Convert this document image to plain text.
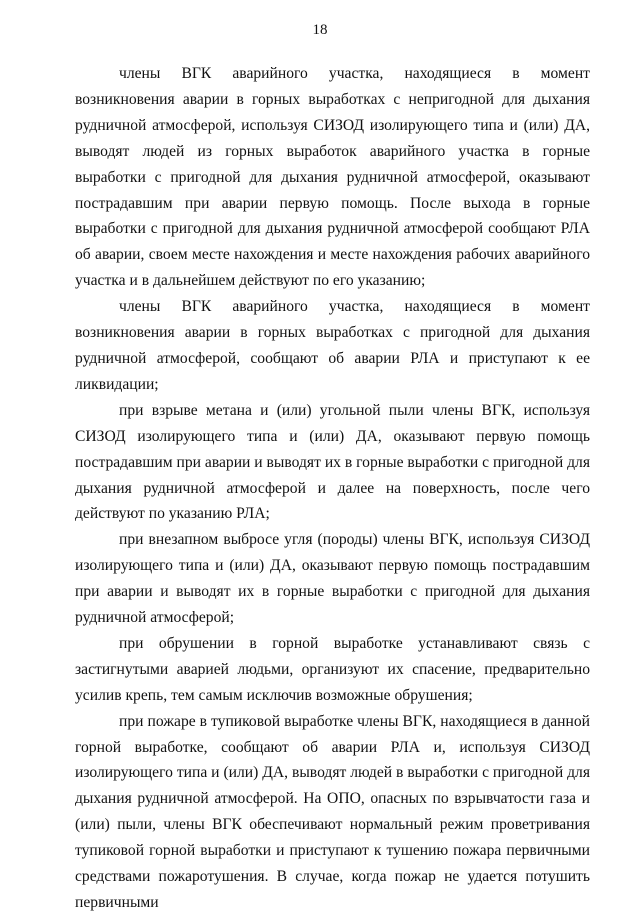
18

члены ВГК аварийного участка, находящиеся в момент возникновения аварии в горных выработках с непригодной для дыхания рудничной атмосферой, используя СИЗОД изолирующего типа и (или) ДА, выводят людей из горных выработок аварийного участка в горные выработки с пригодной для дыхания рудничной атмосферой, оказывают пострадавшим при аварии первую помощь. После выхода в горные выработки с пригодной для дыхания рудничной атмосферой сообщают РЛА об аварии, своем месте нахождения и месте нахождения рабочих аварийного участка и в дальнейшем действуют по его указанию;

члены ВГК аварийного участка, находящиеся в момент возникновения аварии в горных выработках с пригодной для дыхания рудничной атмосферой, сообщают об аварии РЛА и приступают к ее ликвидации;

при взрыве метана и (или) угольной пыли члены ВГК, используя СИЗОД изолирующего типа и (или) ДА, оказывают первую помощь пострадавшим при аварии и выводят их в горные выработки с пригодной для дыхания рудничной атмосферой и далее на поверхность, после чего действуют по указанию РЛА;

при внезапном выбросе угля (породы) члены ВГК, используя СИЗОД изолирующего типа и (или) ДА, оказывают первую помощь пострадавшим при аварии и выводят их в горные выработки с пригодной для дыхания рудничной атмосферой;

при обрушении в горной выработке устанавливают связь с застигнутыми аварией людьми, организуют их спасение, предварительно усилив крепь, тем самым исключив возможные обрушения;

при пожаре в тупиковой выработке члены ВГК, находящиеся в данной горной выработке, сообщают об аварии РЛА и, используя СИЗОД изолирующего типа и (или) ДА, выводят людей в выработки с пригодной для дыхания рудничной атмосферой. На ОПО, опасных по взрывчатости газа и (или) пыли, члены ВГК обеспечивают нормальный режим проветривания тупиковой горной выработки и приступают к тушению пожара первичными средствами пожаротушения. В случае, когда пожар не удается потушить первичными
